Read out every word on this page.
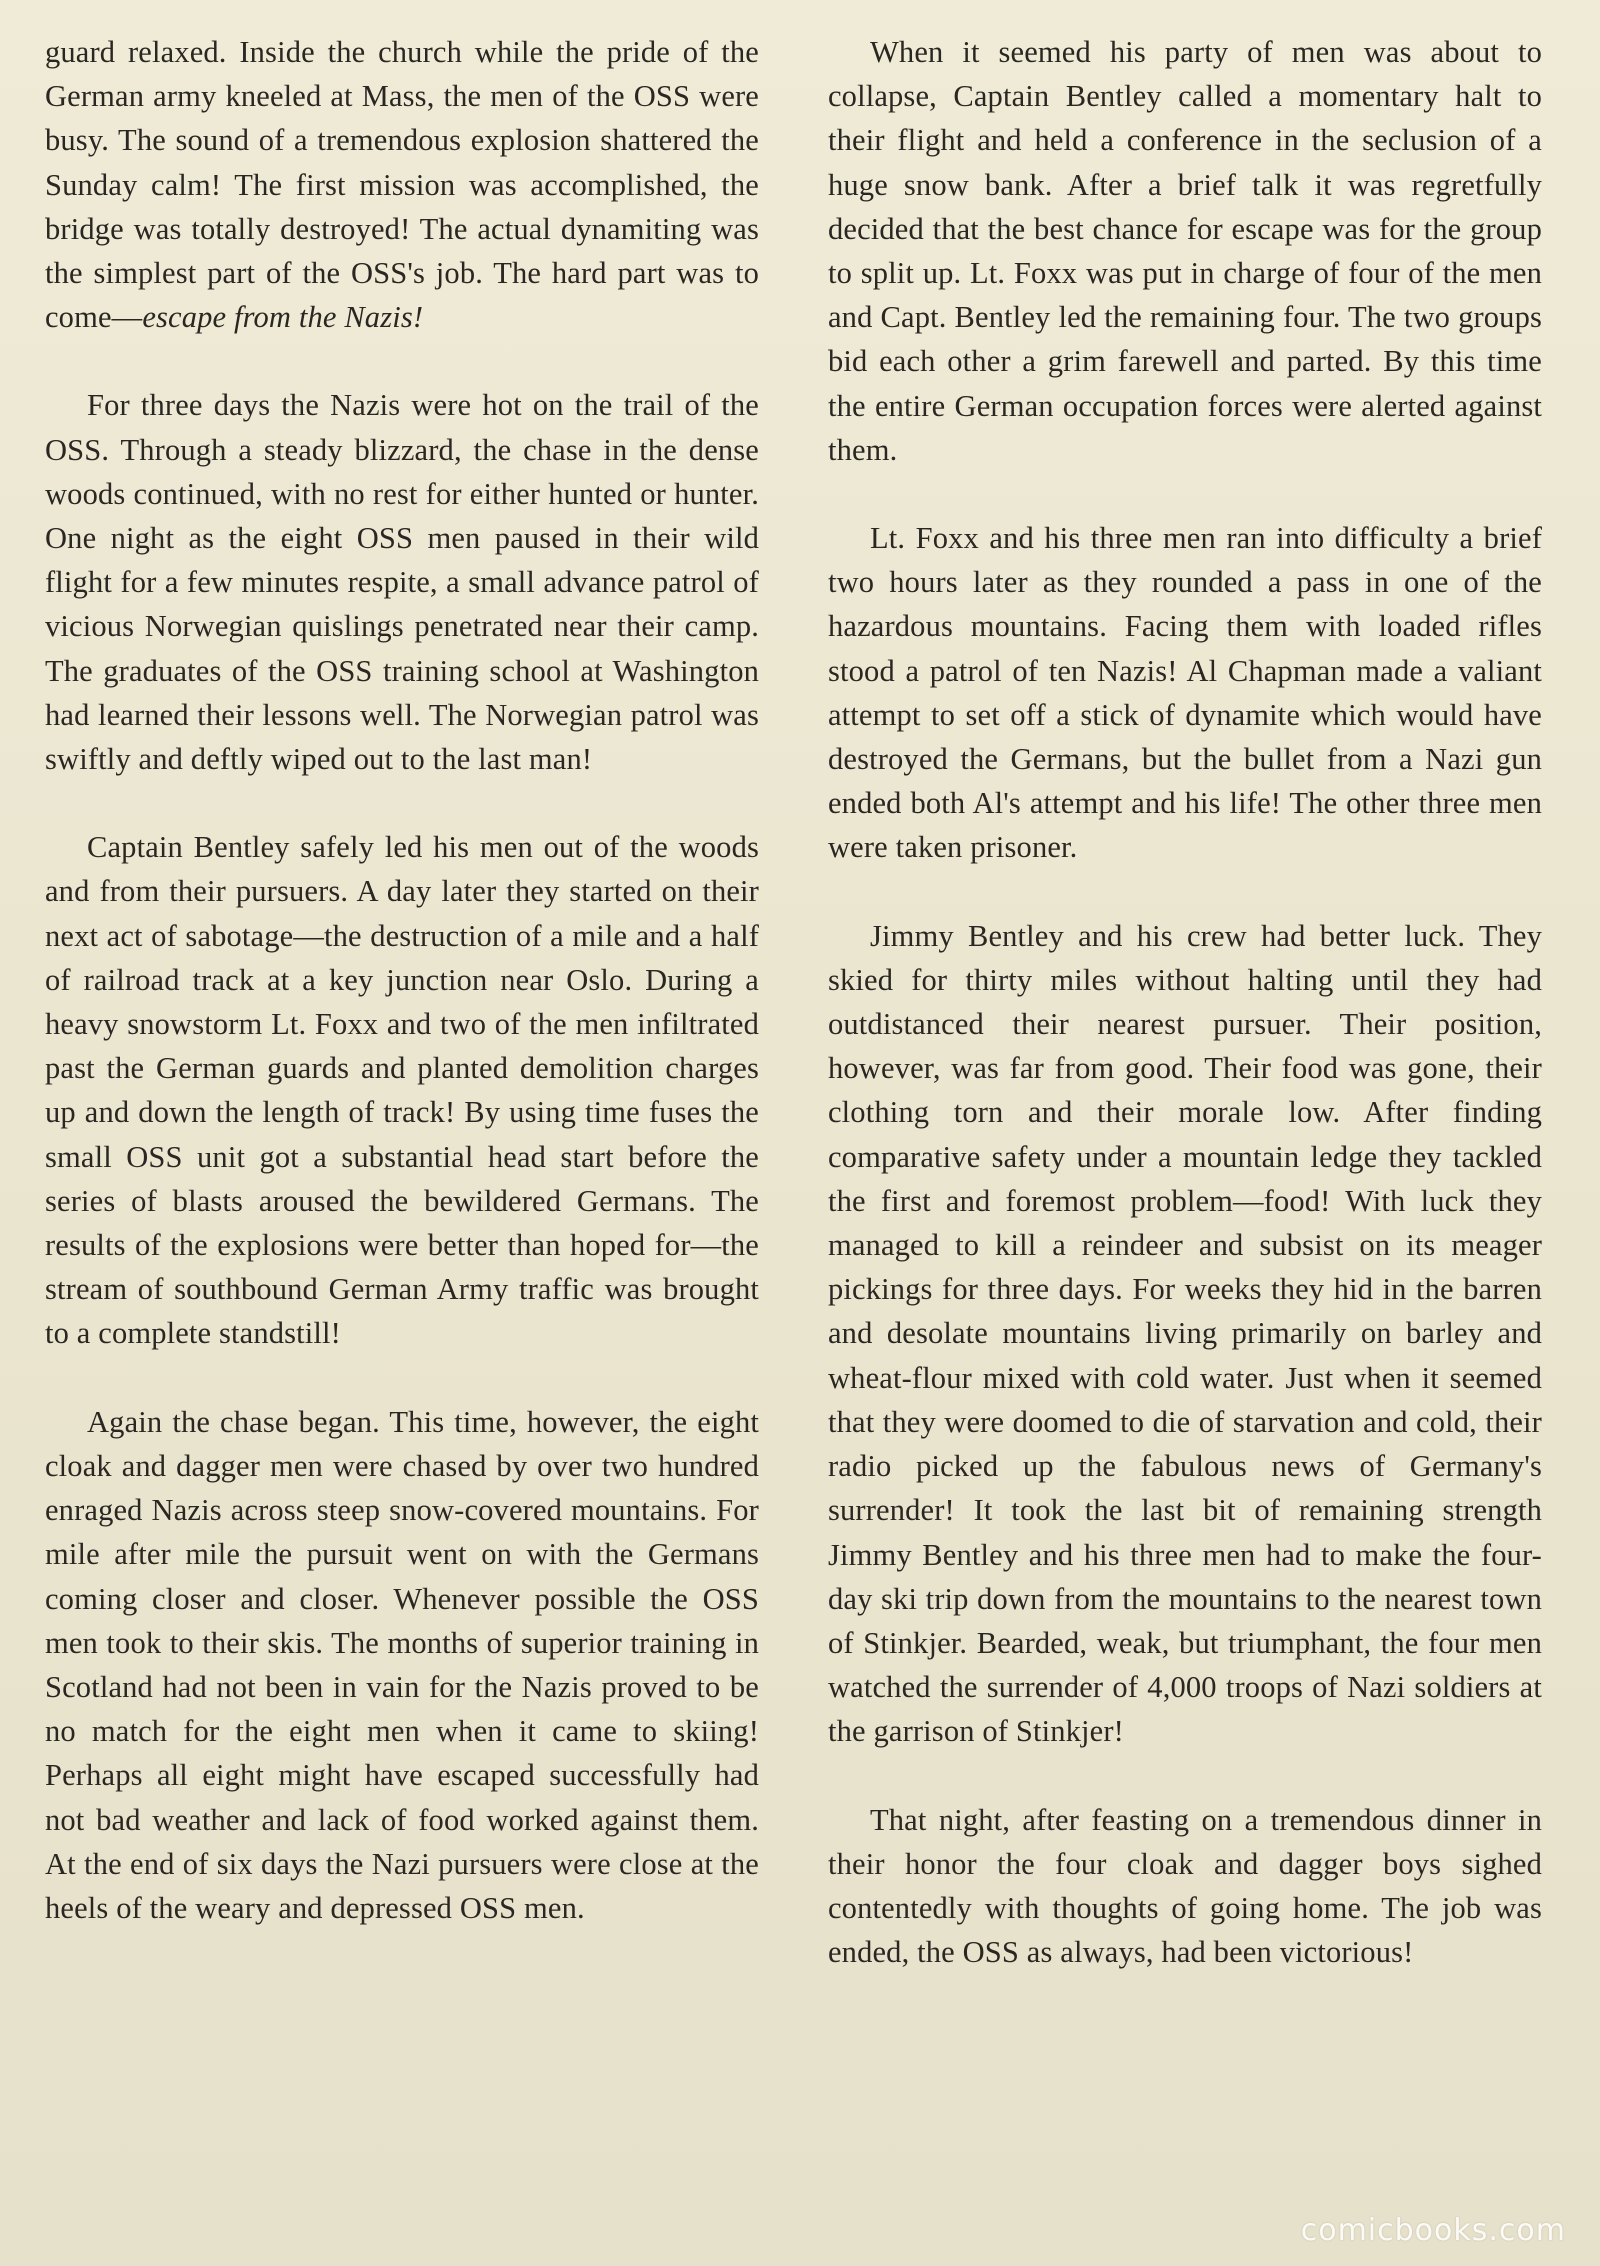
guard relaxed. Inside the church while the pride of the German army kneeled at Mass, the men of the OSS were busy. The sound of a tremendous explosion shattered the Sunday calm! The first mission was accomplished, the bridge was totally destroyed! The actual dynamiting was the simplest part of the OSS's job. The hard part was to come—escape from the Nazis!

For three days the Nazis were hot on the trail of the OSS. Through a steady blizzard, the chase in the dense woods continued, with no rest for either hunted or hunter. One night as the eight OSS men paused in their wild flight for a few minutes respite, a small advance patrol of vicious Norwegian quislings penetrated near their camp. The graduates of the OSS training school at Washington had learned their lessons well. The Norwegian patrol was swiftly and deftly wiped out to the last man!

Captain Bentley safely led his men out of the woods and from their pursuers. A day later they started on their next act of sabotage—the destruction of a mile and a half of railroad track at a key junction near Oslo. During a heavy snowstorm Lt. Foxx and two of the men infiltrated past the German guards and planted demolition charges up and down the length of track! By using time fuses the small OSS unit got a substantial head start before the series of blasts aroused the bewildered Germans. The results of the explosions were better than hoped for—the stream of southbound German Army traffic was brought to a complete standstill!

Again the chase began. This time, however, the eight cloak and dagger men were chased by over two hundred enraged Nazis across steep snow-covered mountains. For mile after mile the pursuit went on with the Germans coming closer and closer. Whenever possible the OSS men took to their skis. The months of superior training in Scotland had not been in vain for the Nazis proved to be no match for the eight men when it came to skiing! Perhaps all eight might have escaped successfully had not bad weather and lack of food worked against them. At the end of six days the Nazi pursuers were close at the heels of the weary and depressed OSS men.

When it seemed his party of men was about to collapse, Captain Bentley called a momentary halt to their flight and held a conference in the seclusion of a huge snow bank. After a brief talk it was regretfully decided that the best chance for escape was for the group to split up. Lt. Foxx was put in charge of four of the men and Capt. Bentley led the remaining four. The two groups bid each other a grim farewell and parted. By this time the entire German occupation forces were alerted against them.

Lt. Foxx and his three men ran into difficulty a brief two hours later as they rounded a pass in one of the hazardous mountains. Facing them with loaded rifles stood a patrol of ten Nazis! Al Chapman made a valiant attempt to set off a stick of dynamite which would have destroyed the Germans, but the bullet from a Nazi gun ended both Al's attempt and his life! The other three men were taken prisoner.

Jimmy Bentley and his crew had better luck. They skied for thirty miles without halting until they had outdistanced their nearest pursuer. Their position, however, was far from good. Their food was gone, their clothing torn and their morale low. After finding comparative safety under a mountain ledge they tackled the first and foremost problem—food! With luck they managed to kill a reindeer and subsist on its meager pickings for three days. For weeks they hid in the barren and desolate mountains living primarily on barley and wheat-flour mixed with cold water. Just when it seemed that they were doomed to die of starvation and cold, their radio picked up the fabulous news of Germany's surrender! It took the last bit of remaining strength Jimmy Bentley and his three men had to make the four-day ski trip down from the mountains to the nearest town of Stinkjer. Bearded, weak, but triumphant, the four men watched the surrender of 4,000 troops of Nazi soldiers at the garrison of Stinkjer!

That night, after feasting on a tremendous dinner in their honor the four cloak and dagger boys sighed contentedly with thoughts of going home. The job was ended, the OSS as always, had been victorious!

comicbooks.com
